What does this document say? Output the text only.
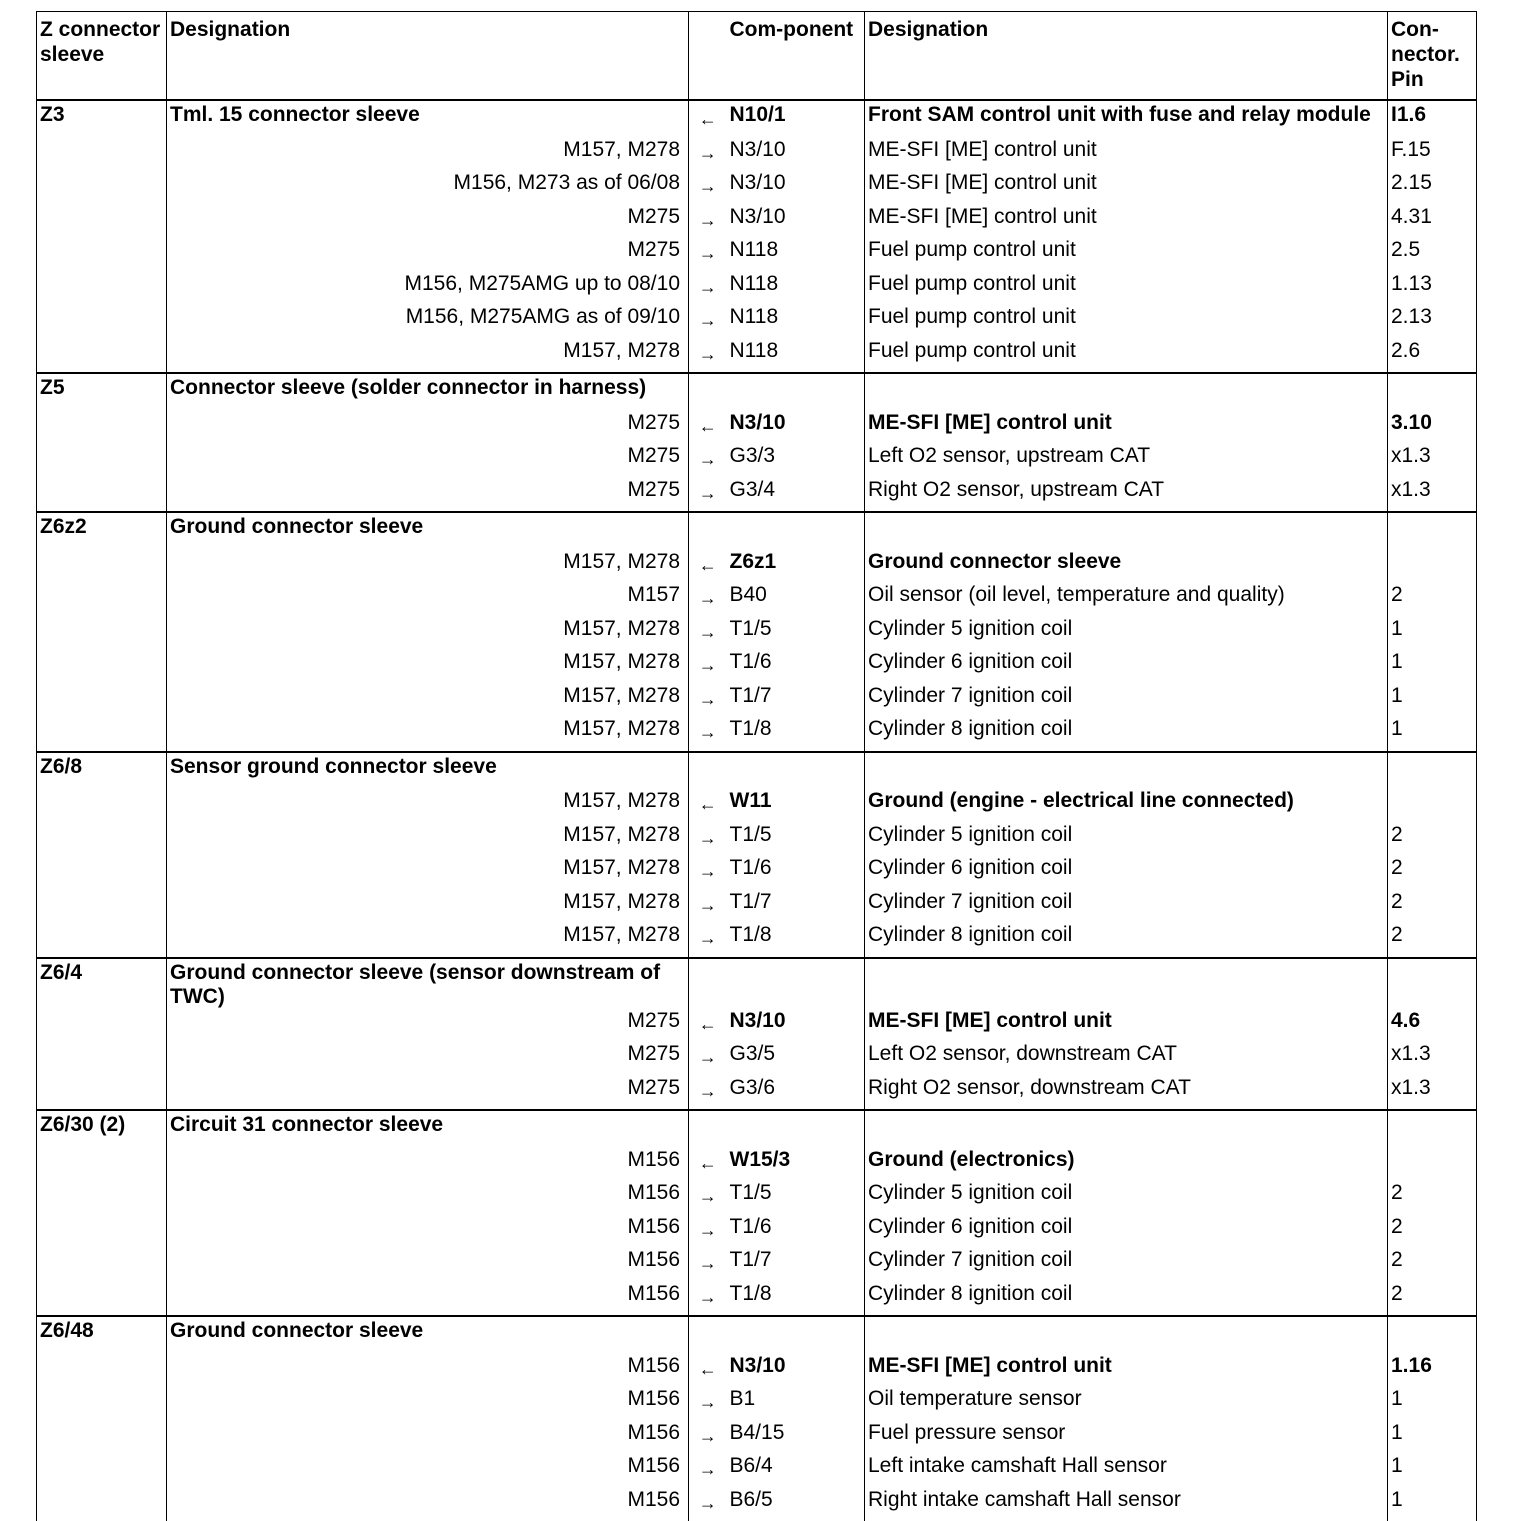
Z connector sleeve	Designation		Com-ponent	Designation	Con-nector. Pin
Z3	Tml. 15 connector sleeve	←	N10/1	Front SAM control unit with fuse and relay module	I1.6
	M157, M278	→	N3/10	ME-SFI [ME] control unit	F.15
	M156, M273 as of 06/08	→	N3/10	ME-SFI [ME] control unit	2.15
	M275	→	N3/10	ME-SFI [ME] control unit	4.31
	M275	→	N118	Fuel pump control unit	2.5
	M156, M275AMG up to 08/10	→	N118	Fuel pump control unit	1.13
	M156, M275AMG as of 09/10	→	N118	Fuel pump control unit	2.13
	M157, M278	→	N118	Fuel pump control unit	2.6
Z5	Connector sleeve (solder connector in harness)				
	M275	←	N3/10	ME-SFI [ME] control unit	3.10
	M275	→	G3/3	Left O2 sensor, upstream CAT	x1.3
	M275	→	G3/4	Right O2 sensor, upstream CAT	x1.3
Z6z2	Ground connector sleeve				
	M157, M278	←	Z6z1	Ground connector sleeve	
	M157	→	B40	Oil sensor (oil level, temperature and quality)	2
	M157, M278	→	T1/5	Cylinder 5 ignition coil	1
	M157, M278	→	T1/6	Cylinder 6 ignition coil	1
	M157, M278	→	T1/7	Cylinder 7 ignition coil	1
	M157, M278	→	T1/8	Cylinder 8 ignition coil	1
Z6/8	Sensor ground connector sleeve				
	M157, M278	←	W11	Ground (engine - electrical line connected)	
	M157, M278	→	T1/5	Cylinder 5 ignition coil	2
	M157, M278	→	T1/6	Cylinder 6 ignition coil	2
	M157, M278	→	T1/7	Cylinder 7 ignition coil	2
	M157, M278	→	T1/8	Cylinder 8 ignition coil	2
Z6/4	Ground connector sleeve (sensor downstream of TWC)				
	M275	←	N3/10	ME-SFI [ME] control unit	4.6
	M275	→	G3/5	Left O2 sensor, downstream CAT	x1.3
	M275	→	G3/6	Right O2 sensor, downstream CAT	x1.3
Z6/30 (2)	Circuit 31 connector sleeve				
	M156	←	W15/3	Ground (electronics)	
	M156	→	T1/5	Cylinder 5 ignition coil	2
	M156	→	T1/6	Cylinder 6 ignition coil	2
	M156	→	T1/7	Cylinder 7 ignition coil	2
	M156	→	T1/8	Cylinder 8 ignition coil	2
Z6/48	Ground connector sleeve				
	M156	←	N3/10	ME-SFI [ME] control unit	1.16
	M156	→	B1	Oil temperature sensor	1
	M156	→	B4/15	Fuel pressure sensor	1
	M156	→	B6/4	Left intake camshaft Hall sensor	1
	M156	→	B6/5	Right intake camshaft Hall sensor	1
